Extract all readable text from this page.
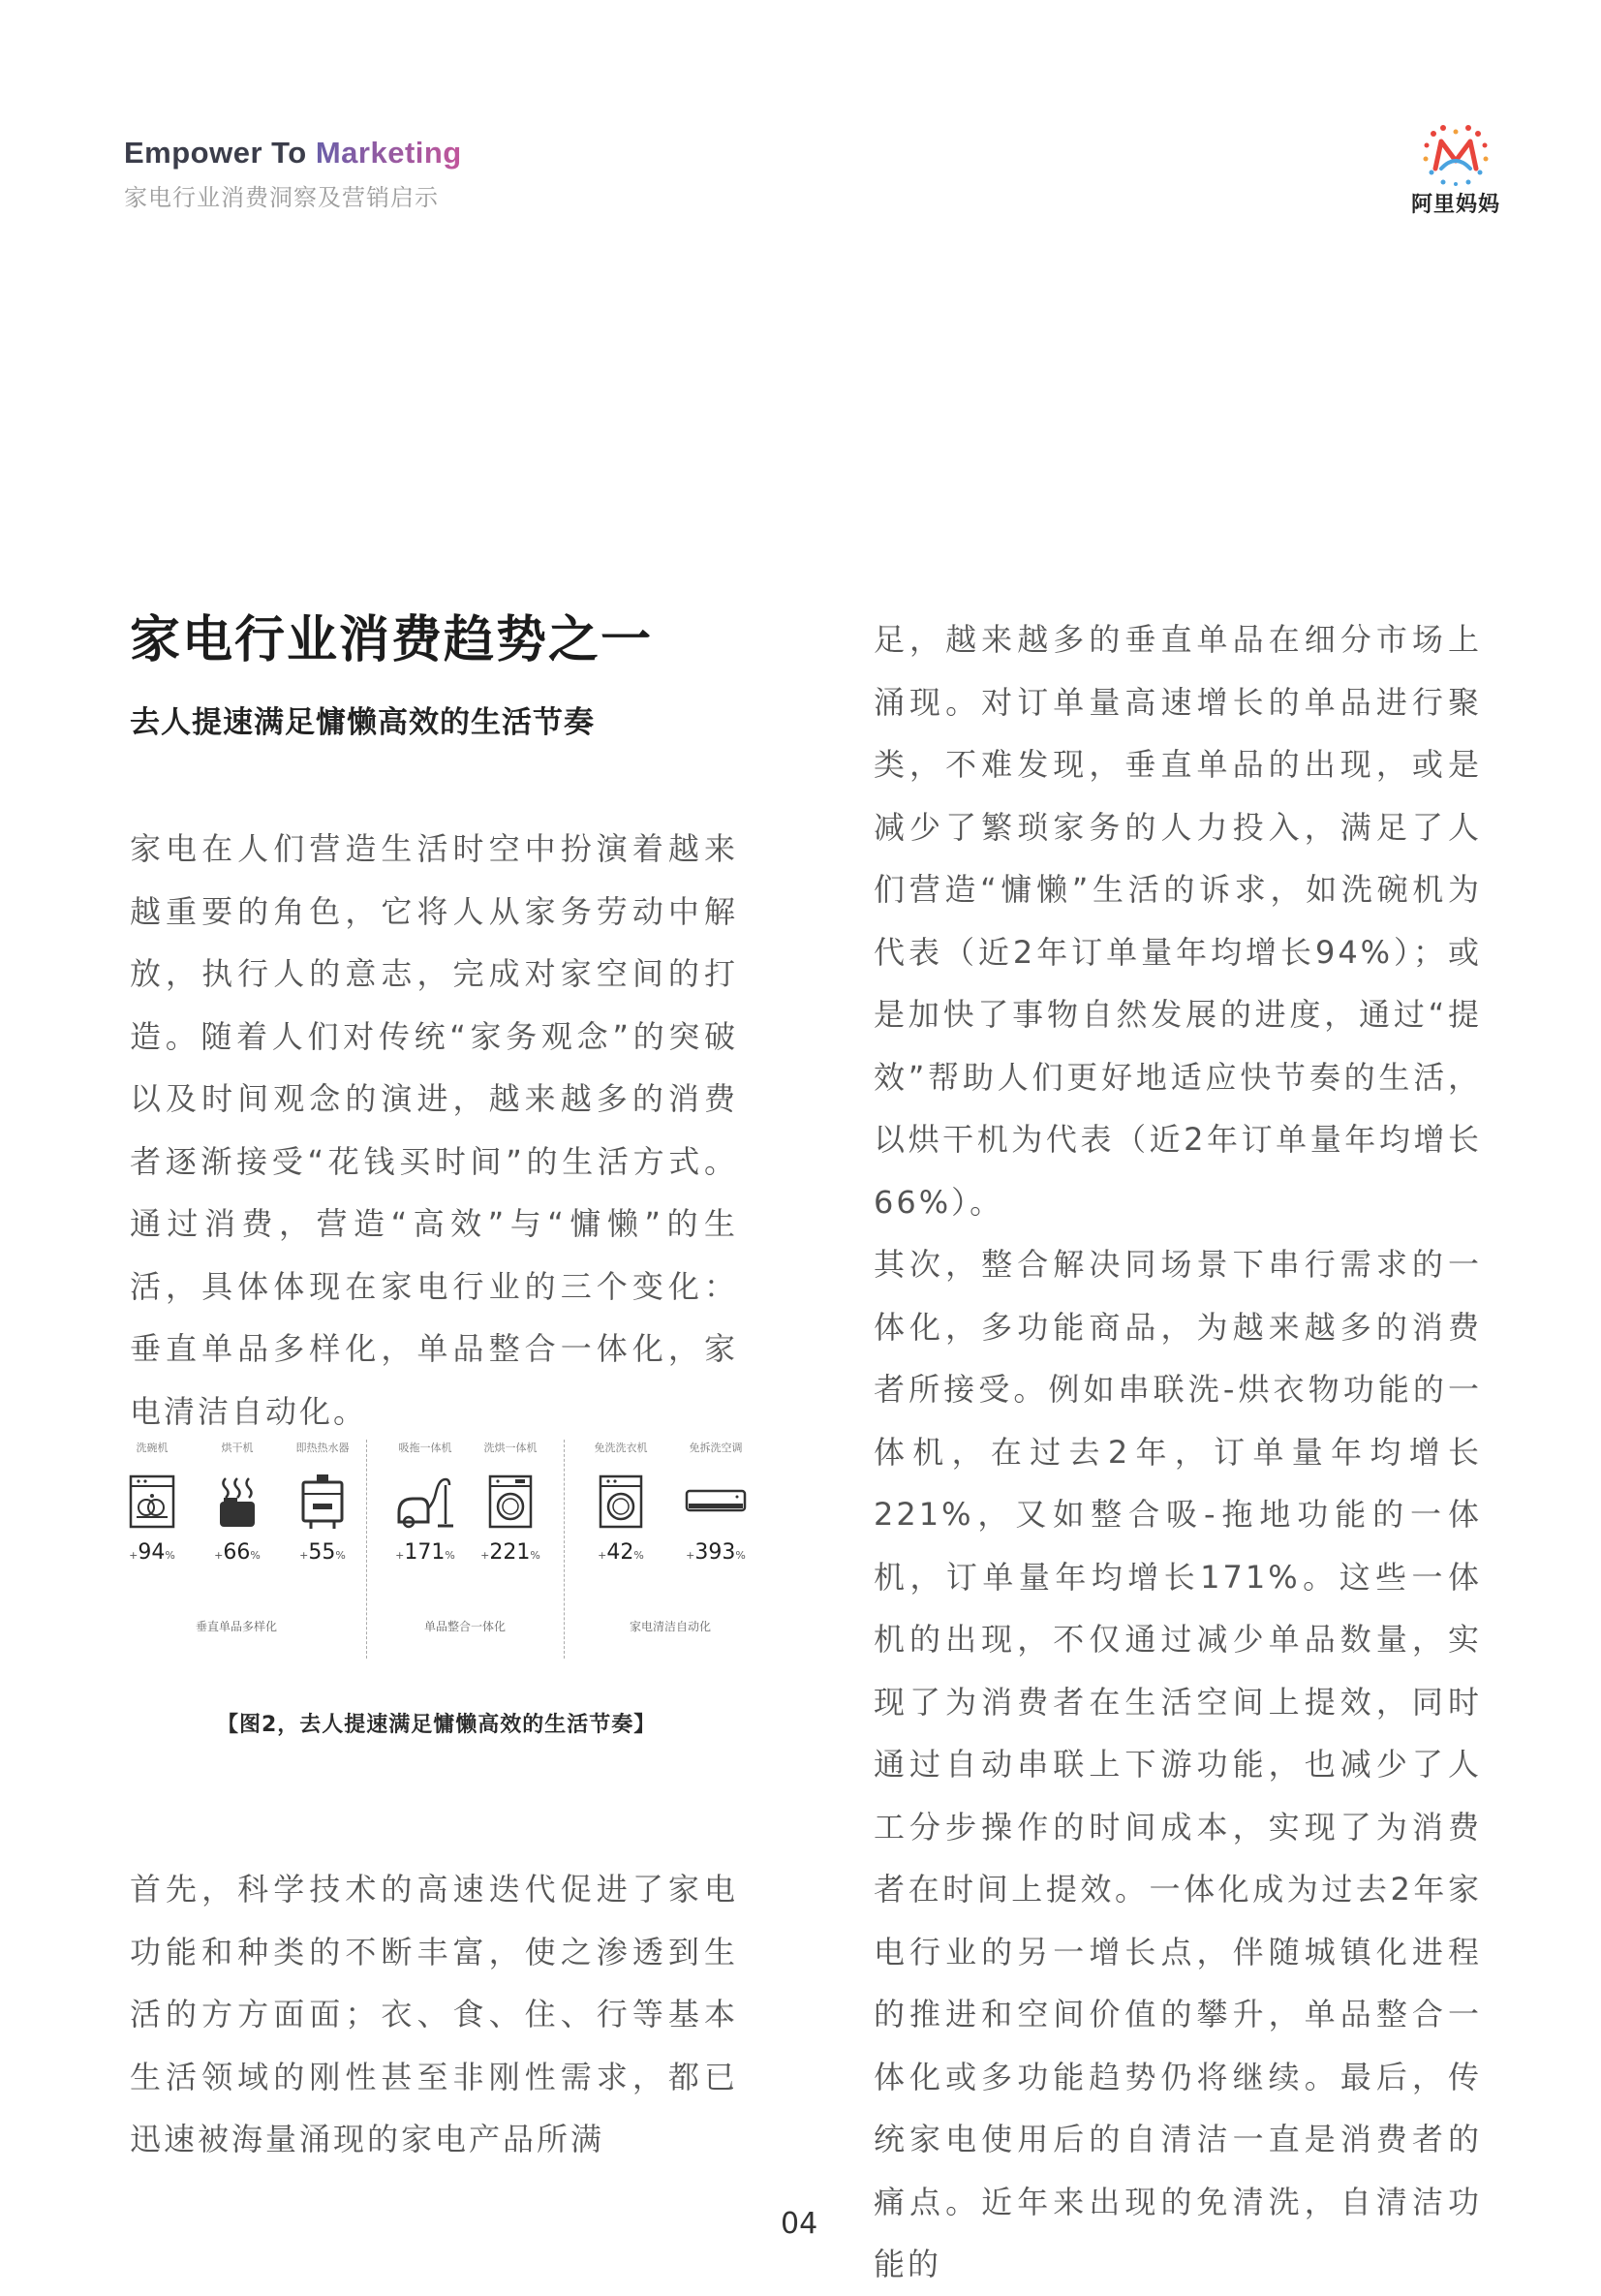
Empower To Marketing
家电行业消费洞察及营销启示	阿里妈妈
家电行业消费趋势之一
去人提速满足慵懒高效的生活节奏

家电在人们营造生活时空中扮演着越来越重要的角色，它将人从家务劳动中解放，执行人的意志，完成对家空间的打造。随着人们对传统“家务观念”的突破以及时间观念的演进，越来越多的消费者逐渐接受“花钱买时间”的生活方式。通过消费，营造“高效”与“慵懒”的生活，具体体现在家电行业的三个变化：垂直单品多样化，单品整合一体化，家电清洁自动化。

首先，科学技术的高速迭代促进了家电功能和种类的不断丰富，使之渗透到生活的方方面面；衣、食、住、行等基本生活领域的刚性甚至非刚性需求，都已迅速被海量涌现的家电产品所满

足，越来越多的垂直单品在细分市场上涌现。对订单量高速增长的单品进行聚类，不难发现，垂直单品的出现，或是减少了繁琐家务的人力投入，满足了人们营造“慵懒”生活的诉求，如洗碗机为代表（近2年订单量年均增长94%）；或是加快了事物自然发展的进度，通过“提效”帮助人们更好地适应快节奏的生活，以烘干机为代表（近2年订单量年均增长66%）。

其次，整合解决同场景下串行需求的一体化，多功能商品，为越来越多的消费者所接受。例如串联洗-烘衣物功能的一体机，在过去2年，订单量年均增长221%，又如整合吸-拖地功能的一体机，订单量年均增长171%。这些一体机的出现，不仅通过减少单品数量，实现了为消费者在生活空间上提效，同时通过自动串联上下游功能，也减少了人工分步操作的时间成本，实现了为消费者在时间上提效。一体化成为过去2年家电行业的另一增长点，伴随城镇化进程的推进和空间价值的攀升，单品整合一体化或多功能趋势仍将继续。最后，传统家电使用后的自清洁一直是消费者的痛点。近年来出现的免清洗，自清洁功能的

洗碗机
+94%
烘干机
+66%
即热热水器
+55%
吸拖一体机
+171%
洗烘一体机
+221%
免洗洗衣机
+42%
免拆洗空调
+393%
垂直单品多样化	单品整合一体化	家电清洁自动化
【图2，去人提速满足慵懒高效的生活节奏】
04
